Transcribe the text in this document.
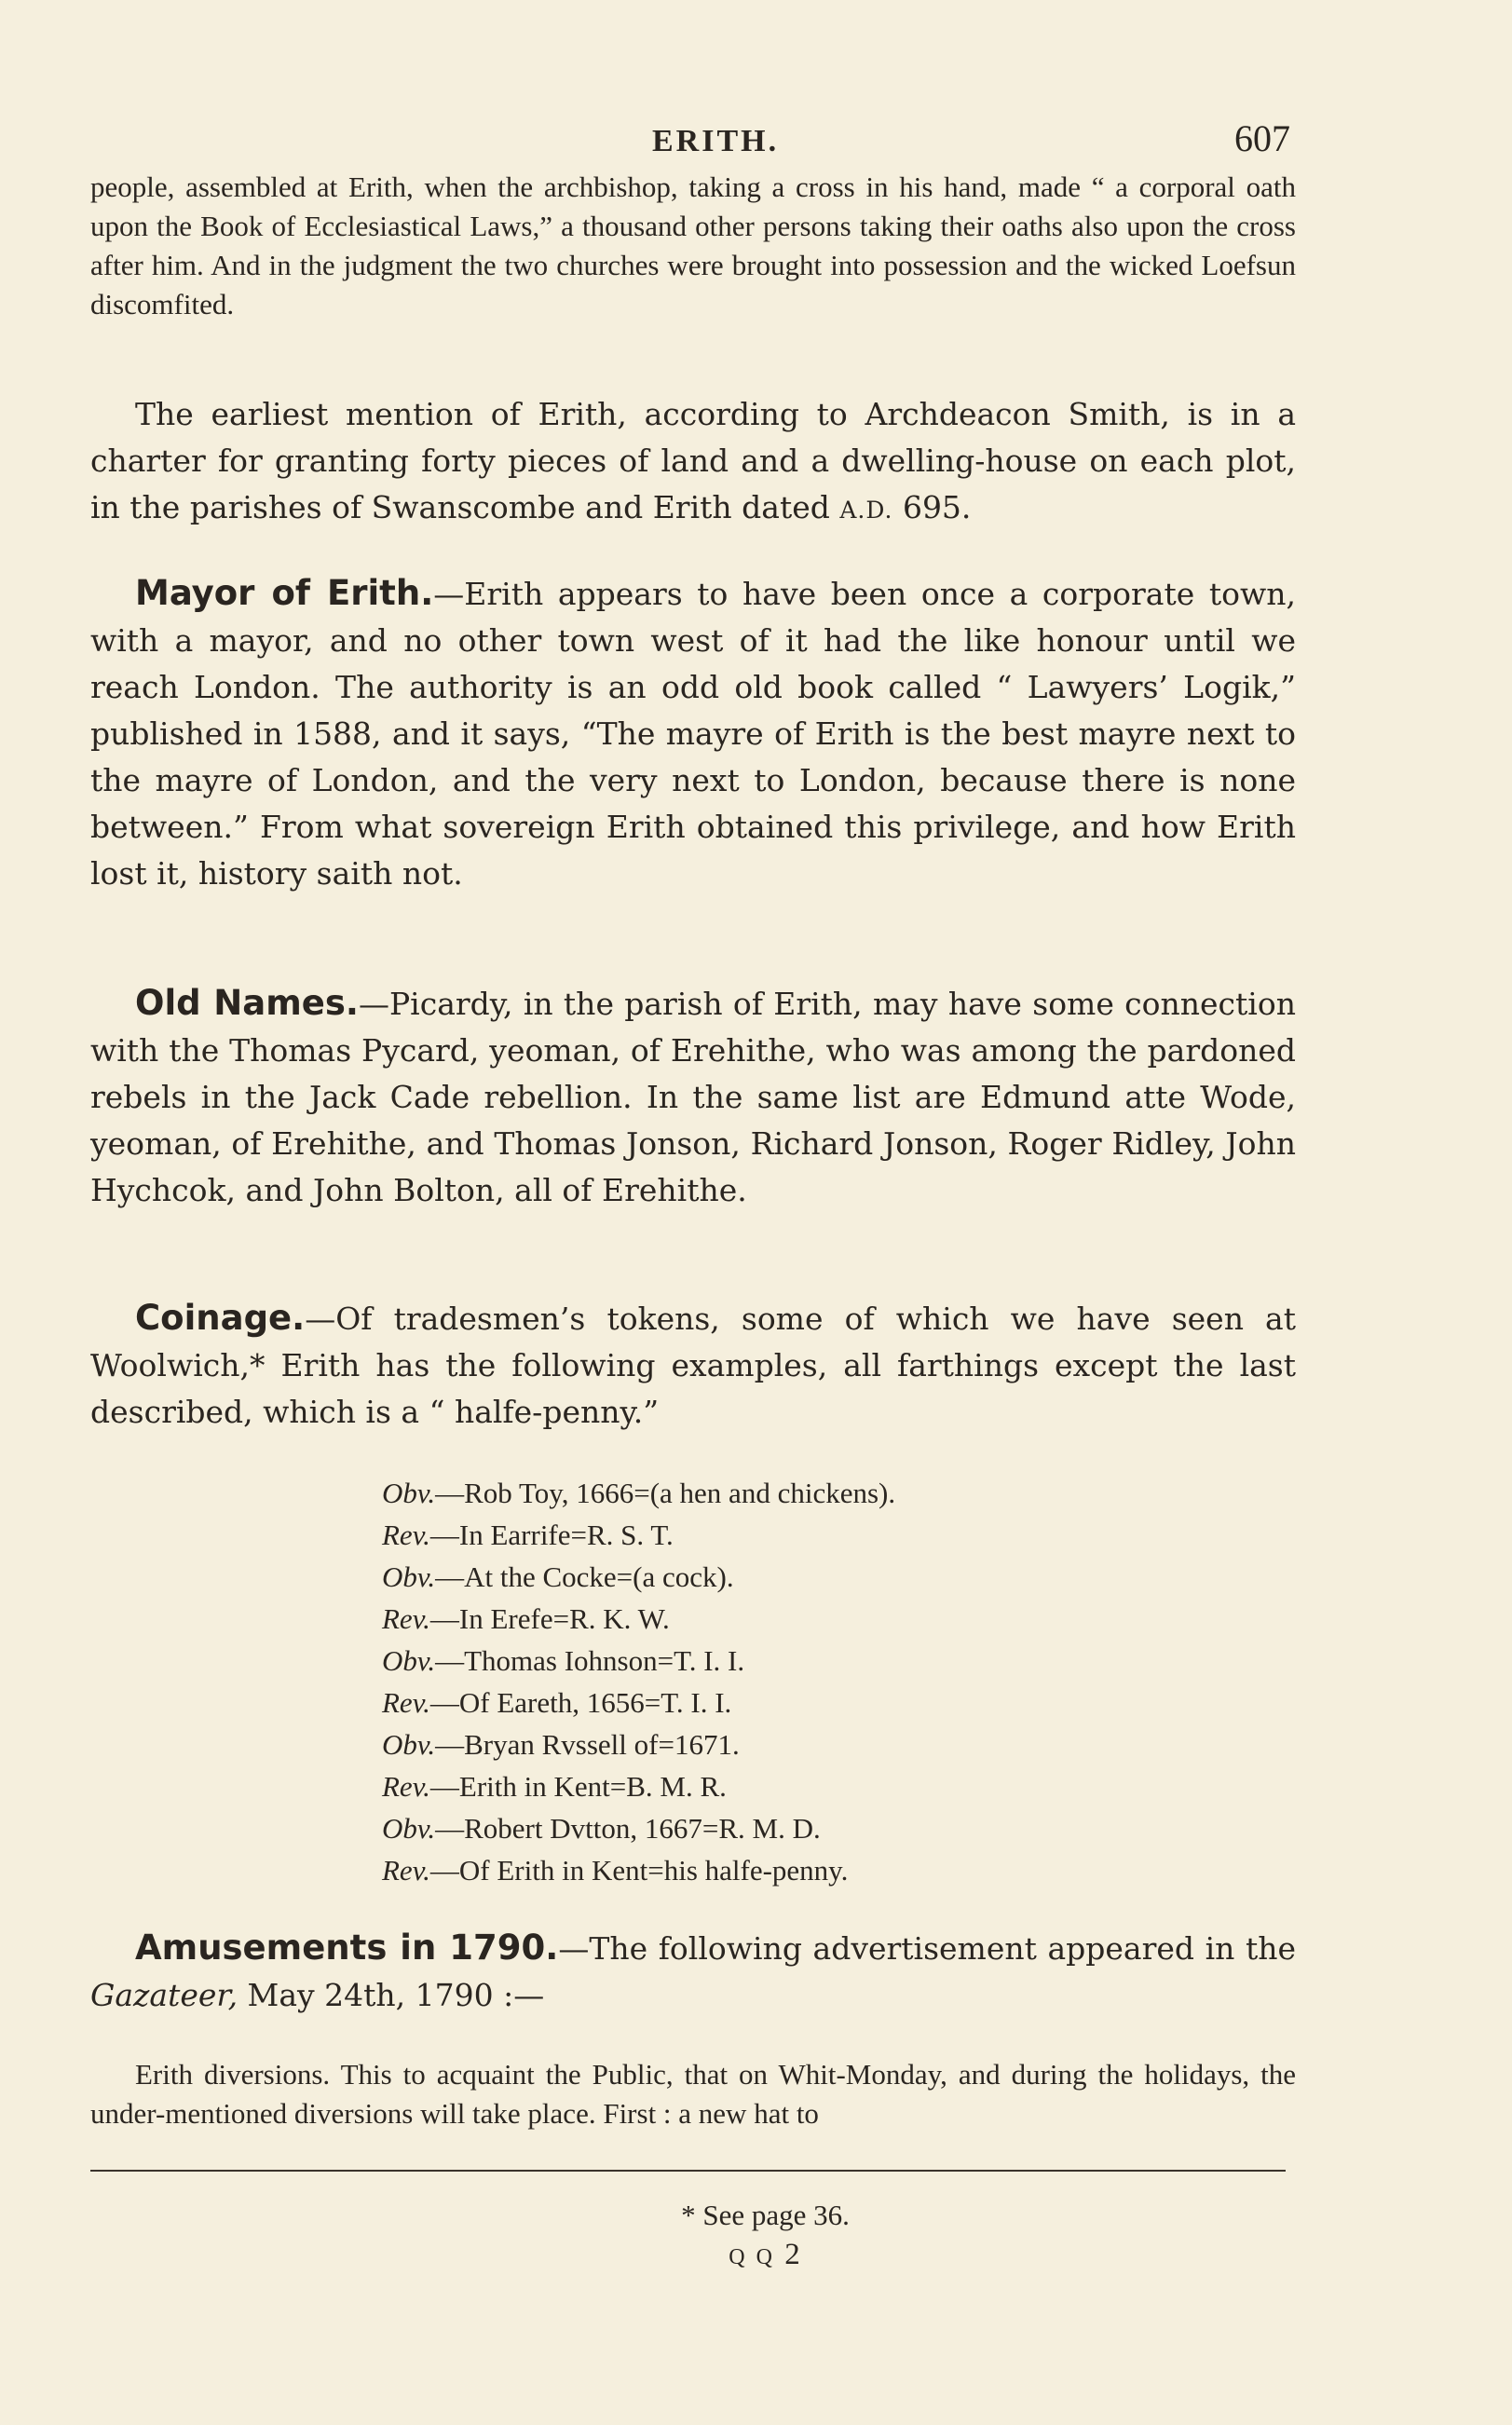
ERITH.	607

people, assembled at Erith, when the archbishop, taking a cross in his hand, made “ a corporal oath upon the Book of Ecclesiastical Laws,” a thousand other persons taking their oaths also upon the cross after him. And in the judgment the two churches were brought into possession and the wicked Loefsun discomfited.

The earliest mention of Erith, according to Archdeacon Smith, is in a charter for granting forty pieces of land and a dwelling-house on each plot, in the parishes of Swanscombe and Erith dated A.D. 695.

Mayor of Erith.—Erith appears to have been once a corporate town, with a mayor, and no other town west of it had the like honour until we reach London. The authority is an odd old book called “ Lawyers’ Logik,” published in 1588, and it says, “The mayre of Erith is the best mayre next to the mayre of London, and the very next to London, because there is none between.” From what sovereign Erith obtained this privilege, and how Erith lost it, history saith not.

Old Names.—Picardy, in the parish of Erith, may have some connection with the Thomas Pycard, yeoman, of Erehithe, who was among the pardoned rebels in the Jack Cade rebellion. In the same list are Edmund atte Wode, yeoman, of Erehithe, and Thomas Jonson, Richard Jonson, Roger Ridley, John Hychcok, and John Bolton, all of Erehithe.

Coinage.—Of tradesmen’s tokens, some of which we have seen at Woolwich,* Erith has the following examples, all farthings except the last described, which is a “ halfe-penny.”

Obv.—Rob Toy, 1666=(a hen and chickens).
Rev.—In Earrife=R. S. T.
Obv.—At the Cocke=(a cock).
Rev.—In Erefe=R. K. W.
Obv.—Thomas Iohnson=T. I. I.
Rev.—Of Eareth, 1656=T. I. I.
Obv.—Bryan Rvssell of=1671.
Rev.—Erith in Kent=B. M. R.
Obv.—Robert Dvtton, 1667=R. M. D.
Rev.—Of Erith in Kent=his halfe-penny.

Amusements in 1790.—The following advertisement appeared in the Gazateer, May 24th, 1790 :—

Erith diversions. This to acquaint the Public, that on Whit-Monday, and during the holidays, the under-mentioned diversions will take place. First : a new hat to

* See page 36.
Q Q 2
